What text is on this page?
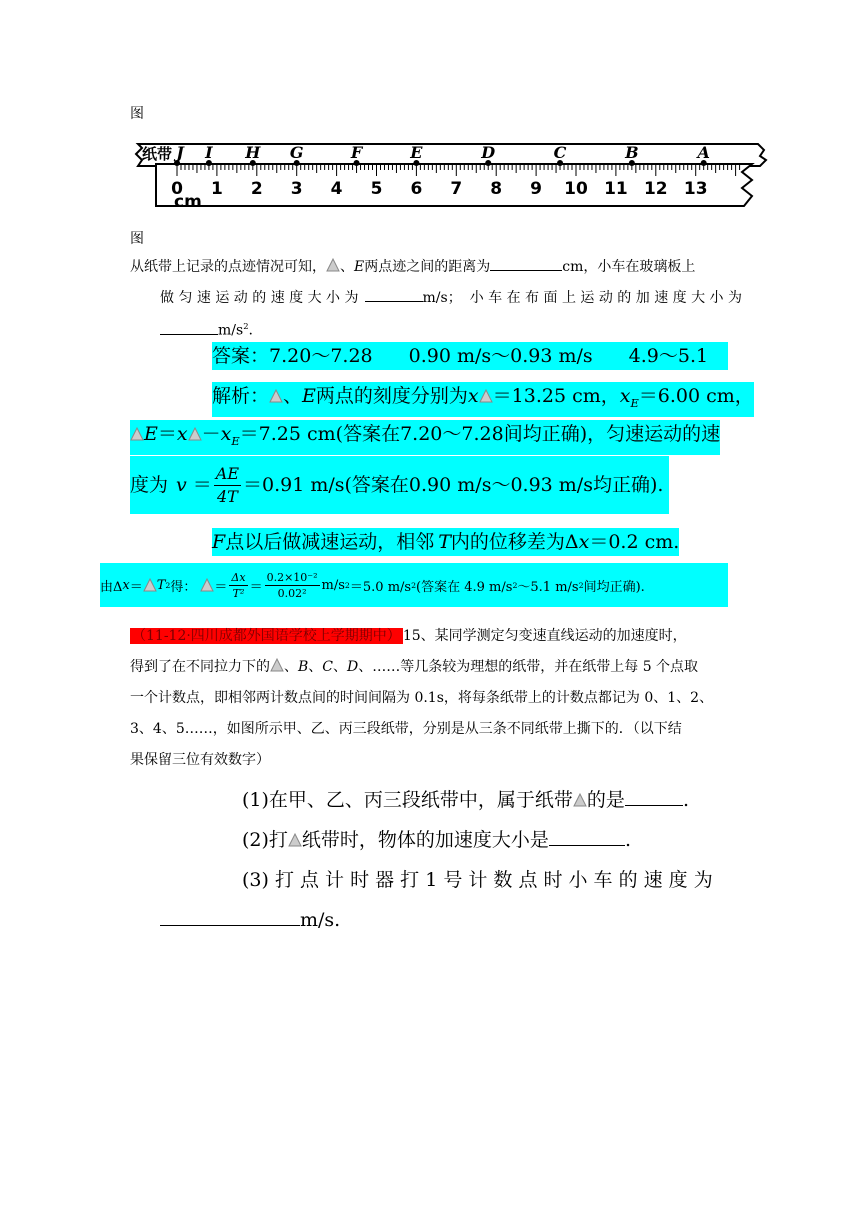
图
0 1 2 3 4 5 6 7 8 9 10 11 12 13
J I H G	F	E	D	C	B	A
纸带
cm
图
从纸带上记录的点迹情况可知， 、E两点迹之间的距离为	cm，小车在玻璃板上
做 匀 速 运 动 的 速 度 大 小 为	m/s； 小 车 在 布 面 上 运 动 的 加 速 度 大 小 为
$m/s^2$.
答案：7.20～7.28 0.90 m/s～0.93 m/s 4.9～5.1
解析： 、E两点的刻度分别为x ＝13.25 cm，$x_E=6.00$ cm，
$E=x -x_E=7.25$ cm(答案在7.20～7.28间均正确)，匀速运动的速
度为 $v = \frac{AE}{4T} =0.91$ m/s(答案在0.90 m/s～0.93 m/s均正确).
F点以后做减速运动，相邻 T内的位移差为Δx＝0.2 cm.
由Δ x ＝ T 2 得： ＝ $\frac{\Delta x}{\text{T²}} = \frac{\text{0.2×10⁻²}}{\text{0.02²}} m/s$ 2 ＝5.0 m/s 2 (答案在 4.9 m/s 2 ～5.1 m/s 2 间均正确).
（11-12·四川成都外国语学校上学期期中） 15、某同学测定匀变速直线运动的加速度时，
得到了在不同拉力下的 、B、C、D、……等几条较为理想的纸带，并在纸带上每 5 个点取
一个计数点，即相邻两计数点间的时间间隔为 0.1s，将每条纸带上的计数点都记为 0、1、2、
3、4、5……，如图所示甲、乙、丙三段纸带，分别是从三条不同纸带上撕下的．（以下结
果保留三位有效数字）
(1)在甲、乙、丙三段纸带中，属于纸带 的是	.
(2)打 纸带时，物体的加速度大小是	.
(3) 打 点 计 时 器 打 1 号 计 数 点 时 小 车 的 速 度 为
m/s.
